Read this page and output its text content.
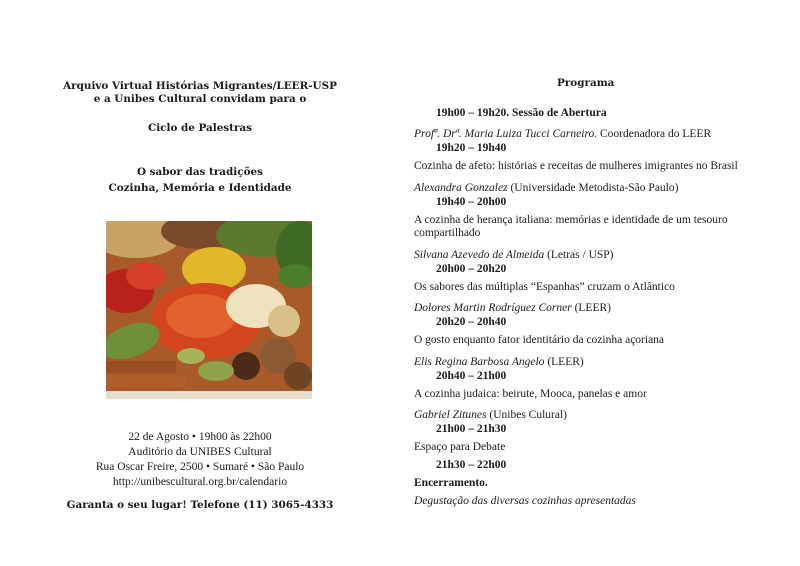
Arquivo Virtual Histórias Migrantes/LEER-USP
e a Unibes Cultural convidam para o
Ciclo de Palestras
O sabor das tradições
Cozinha, Memória e Identidade
22 de Agosto • 19h00 às 22h00
Auditório da UNIBES Cultural
Rua Oscar Freire, 2500 • Sumaré • São Paulo
http://unibescultural.org.br/calendario
Garanta o seu lugar! Telefone (11) 3065-4333
Programa
19h00 – 19h20. Sessão de Abertura
Profª. Drª. Maria Luiza Tucci Carneiro. Coordenadora do LEER
19h20 – 19h40
Cozinha de afeto: histórias e receitas de mulheres imigrantes no Brasil
Alexandra Gonzalez (Universidade Metodista-São Paulo)
19h40 – 20h00
A cozinha de herança italiana: memórias e identidade de um tesouro
compartilhado
Silvana Azevedo de Almeida (Letras / USP)
20h00 – 20h20
Os sabores das múltiplas “Espanhas” cruzam o Atlântico
Dolores Martin Rodríguez Corner (LEER)
20h20 – 20h40
O gosto enquanto fator identitário da cozinha açoriana
Elis Regina Barbosa Angelo (LEER)
20h40 – 21h00
A cozinha judaica: beirute, Mooca, panelas e amor
Gabriel Zitunes (Unibes Culural)
21h00 – 21h30
Espaço para Debate
21h30 – 22h00
Encerramento.
Degustação das diversas cozinhas apresentadas
